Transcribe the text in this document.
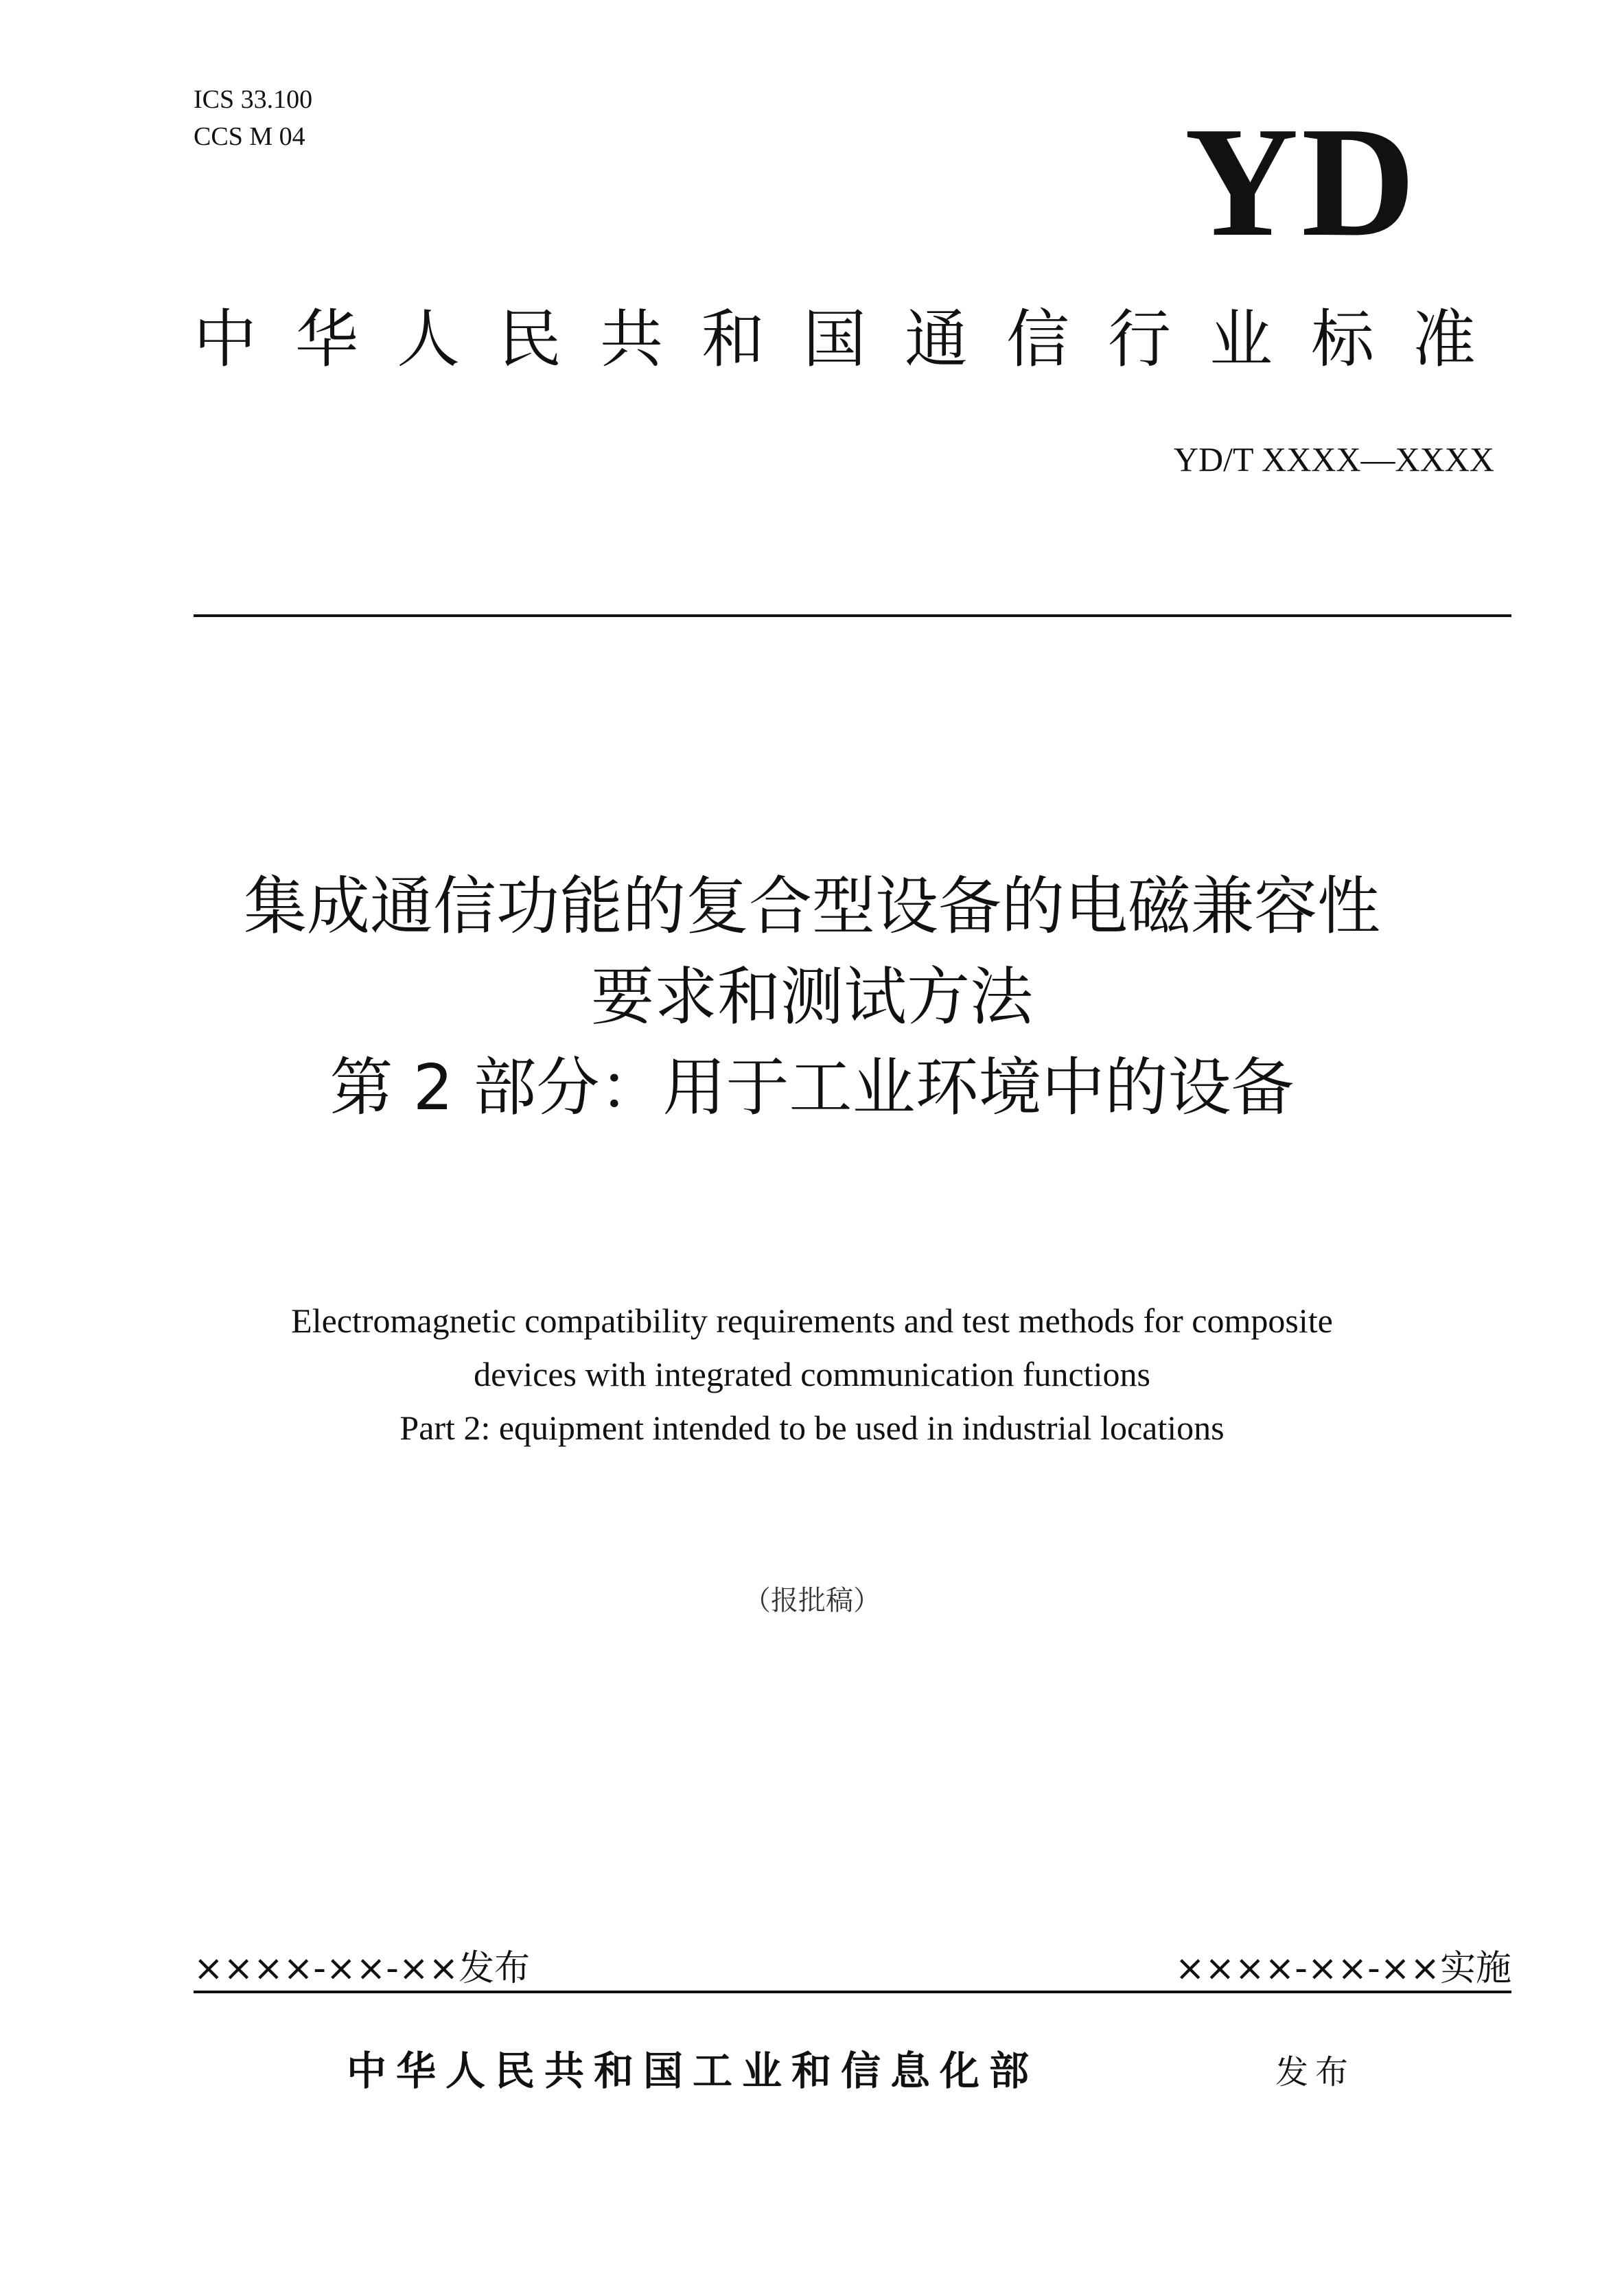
ICS 33.100
CCS M 04	YD
中华人民共和国通信行业标准
YD/T XXXX—XXXX
集成通信功能的复合型设备的电磁兼容性
要求和测试方法
第 2 部分：用于工业环境中的设备
Electromagnetic compatibility requirements and test methods for composite
devices with integrated communication functions
Part 2: equipment intended to be used in industrial locations
（报批稿）
××××-××-××发布	××××-××-××实施
中华人民共和国工业和信息化部	发布
